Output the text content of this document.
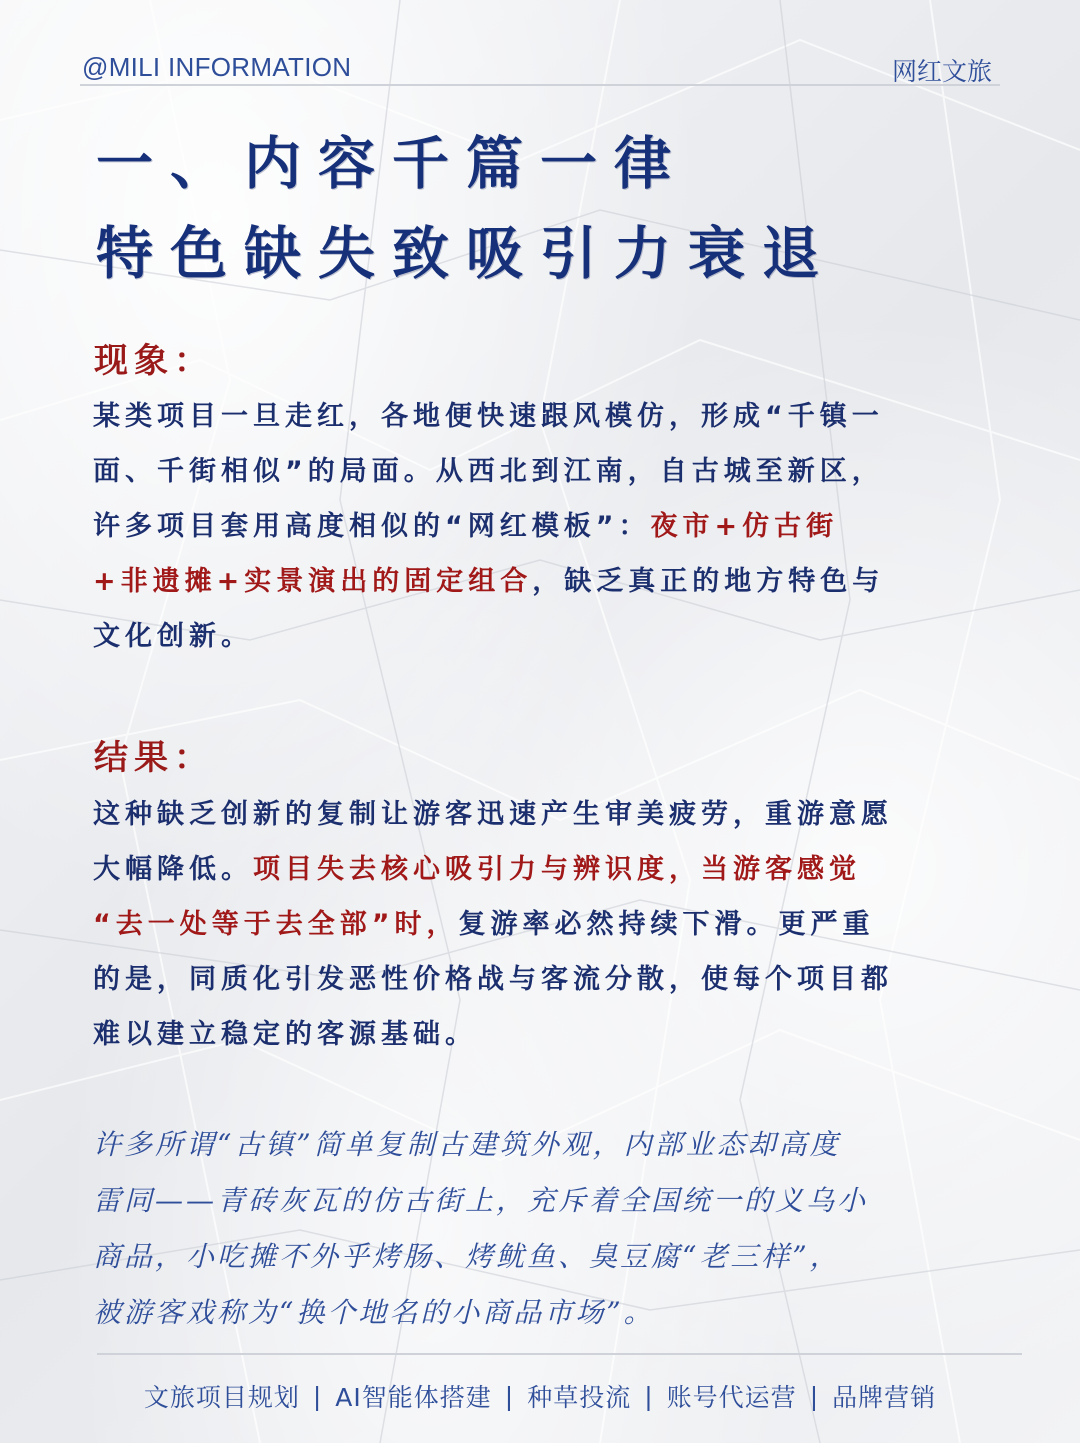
@MILI INFORMATION	网红文旅
一、内容千篇一律
特色缺失致吸引力衰退
现象：
某类项目一旦走红，各地便快速跟风模仿，形成“千镇一
面、千街相似”的局面。从西北到江南，自古城至新区，
许多项目套用高度相似的“网红模板”：夜市+仿古街
+非遗摊+实景演出的固定组合，缺乏真正的地方特色与
文化创新。
结果：
这种缺乏创新的复制让游客迅速产生审美疲劳，重游意愿
大幅降低。项目失去核心吸引力与辨识度，当游客感觉
“去一处等于去全部”时，复游率必然持续下滑。更严重
的是，同质化引发恶性价格战与客流分散，使每个项目都
难以建立稳定的客源基础。
许多所谓“古镇”简单复制古建筑外观，内部业态却高度
雷同——青砖灰瓦的仿古街上，充斥着全国统一的义乌小
商品，小吃摊不外乎烤肠、烤鱿鱼、臭豆腐“老三样”，
被游客戏称为“换个地名的小商品市场”。
文旅项目规划 | AI智能体搭建 | 种草投流 | 账号代运营 | 品牌营销
